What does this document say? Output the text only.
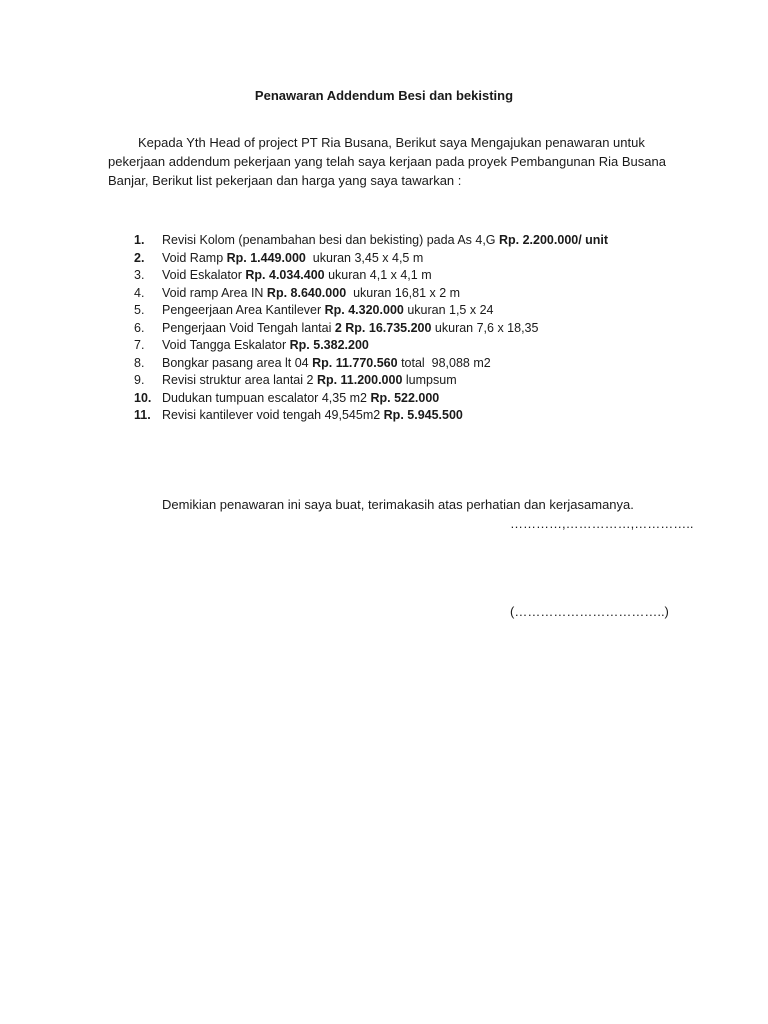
Penawaran Addendum Besi dan bekisting
Kepada Yth Head of project PT Ria Busana, Berikut saya Mengajukan penawaran untuk
pekerjaan addendum pekerjaan yang telah saya kerjaan pada proyek Pembangunan Ria Busana
Banjar, Berikut list pekerjaan dan harga yang saya tawarkan :
1.	Revisi Kolom (penambahan besi dan bekisting) pada As 4,G Rp. 2.200.000/ unit
2.	Void Ramp Rp. 1.449.000  ukuran 3,45 x 4,5 m
3.	Void Eskalator Rp. 4.034.400 ukuran 4,1 x 4,1 m
4.	Void ramp Area IN Rp. 8.640.000  ukuran 16,81 x 2 m
5.	Pengeerjaan Area Kantilever Rp. 4.320.000 ukuran 1,5 x 24
6.	Pengerjaan Void Tengah lantai 2 Rp. 16.735.200 ukuran 7,6 x 18,35
7.	Void Tangga Eskalator Rp. 5.382.200
8.	Bongkar pasang area lt 04 Rp. 11.770.560 total  98,088 m2
9.	Revisi struktur area lantai 2 Rp. 11.200.000 lumpsum
10. Dudukan tumpuan escalator 4,35 m2 Rp. 522.000
11. Revisi kantilever void tengah 49,545m2 Rp. 5.945.500
Demikian penawaran ini saya buat, terimakasih atas perhatian dan kerjasamanya.
…………,……………,…………..
(……………………………..)
